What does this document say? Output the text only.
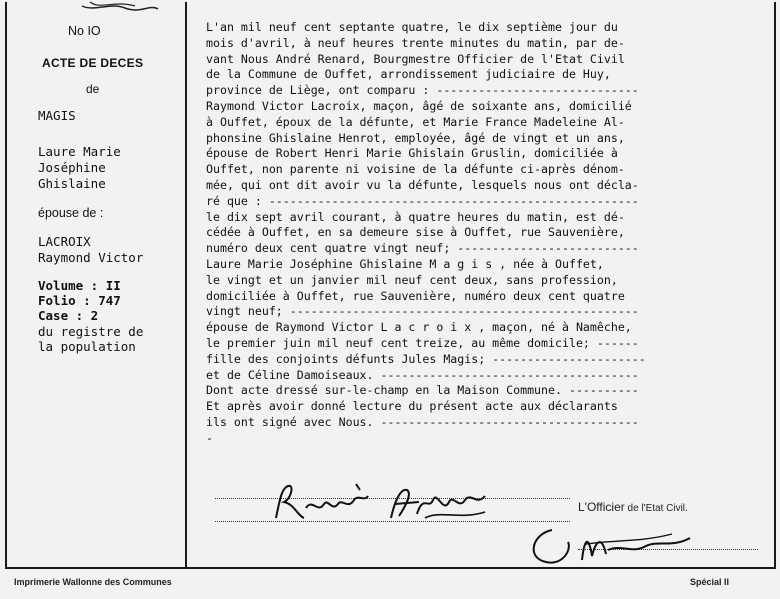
No IO
ACTE DE DECES
de
MAGIS
Laure Marie
Joséphine
Ghislaine
épouse de :
LACROIX
Raymond Victor
Volume : II
Folio : 747
Case : 2
du registre de
la population
L'an mil neuf cent septante quatre, le dix septième jour du
mois d'avril, à neuf heures trente minutes du matin, par de-
vant Nous André Renard, Bourgmestre Officier de l'Etat Civil
de la Commune de Ouffet, arrondissement judiciaire de Huy,
province de Liège, ont comparu : -----------------------------
Raymond Victor Lacroix, maçon, âgé de soixante ans, domicilié
à Ouffet, époux de la défunte, et Marie France Madeleine Al-
phonsine Ghislaine Henrot, employée, âgé de vingt et un ans,
épouse de Robert Henri Marie Ghislain Gruslin, domiciliée à
Ouffet, non parente ni voisine de la défunte ci-après dénom-
mée, qui ont dit avoir vu la défunte, lesquels nous ont décla-
ré que : -----------------------------------------------------
le dix sept avril courant, à quatre heures du matin, est dé-
cédée à Ouffet, en sa demeure sise à Ouffet, rue Sauvenière,
numéro deux cent quatre vingt neuf; --------------------------
Laure Marie Joséphine Ghislaine M a g i s , née à Ouffet,
le vingt et un janvier mil neuf cent deux, sans profession,
domiciliée à Ouffet, rue Sauvenière, numéro deux cent quatre
vingt neuf; --------------------------------------------------
épouse de Raymond Victor L a c r o i x , maçon, né à Namêche,
le premier juin mil neuf cent treize, au même domicile; ------
fille des conjoints défunts Jules Magis; ----------------------
et de Céline Damoiseaux. -------------------------------------
Dont acte dressé sur-le-champ en la Maison Commune. ----------
Et après avoir donné lecture du présent acte aux déclarants
ils ont signé avec Nous. -------------------------------------
-
L'Officier de l'Etat Civil.
Imprimerie Wallonne des Communes	Spécial II
